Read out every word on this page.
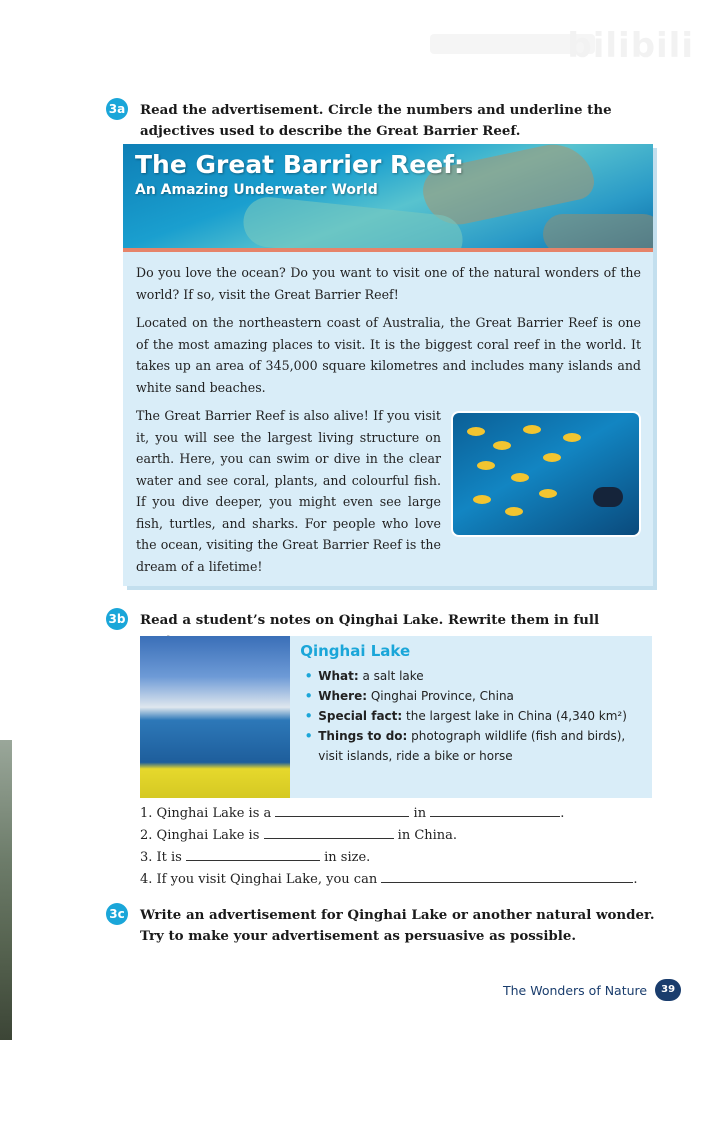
bilibili
3a Read the advertisement. Circle the numbers and underline the adjectives used to describe the Great Barrier Reef.
The Great Barrier Reef:
An Amazing Underwater World

Do you love the ocean? Do you want to visit one of the natural wonders of the world? If so, visit the Great Barrier Reef!

Located on the northeastern coast of Australia, the Great Barrier Reef is one of the most amazing places to visit. It is the biggest coral reef in the world. It takes up an area of 345,000 square kilometres and includes many islands and white sand beaches.

The Great Barrier Reef is also alive! If you visit it, you will see the largest living structure on earth. Here, you can swim or dive in the clear water and see coral, plants, and colourful fish. If you dive deeper, you might even see large fish, turtles, and sharks. For people who love the ocean, visiting the Great Barrier Reef is the dream of a lifetime!

3b Read a student’s notes on Qinghai Lake. Rewrite them in full
Qinghai Lake
• What: a salt lake
• Where: Qinghai Province, China
• Special fact: the largest lake in China (4,340 km²)
• Things to do: photograph wildlife (fish and birds), visit islands, ride a bike or horse
1. Qinghai Lake is a	in	.
2. Qinghai Lake is	in China.
3. It is	in size.
4. If you visit Qinghai Lake, you can	.
3c Write an advertisement for Qinghai Lake or another natural wonder. Try to make your advertisement as persuasive as possible.
The Wonders of Nature	39
